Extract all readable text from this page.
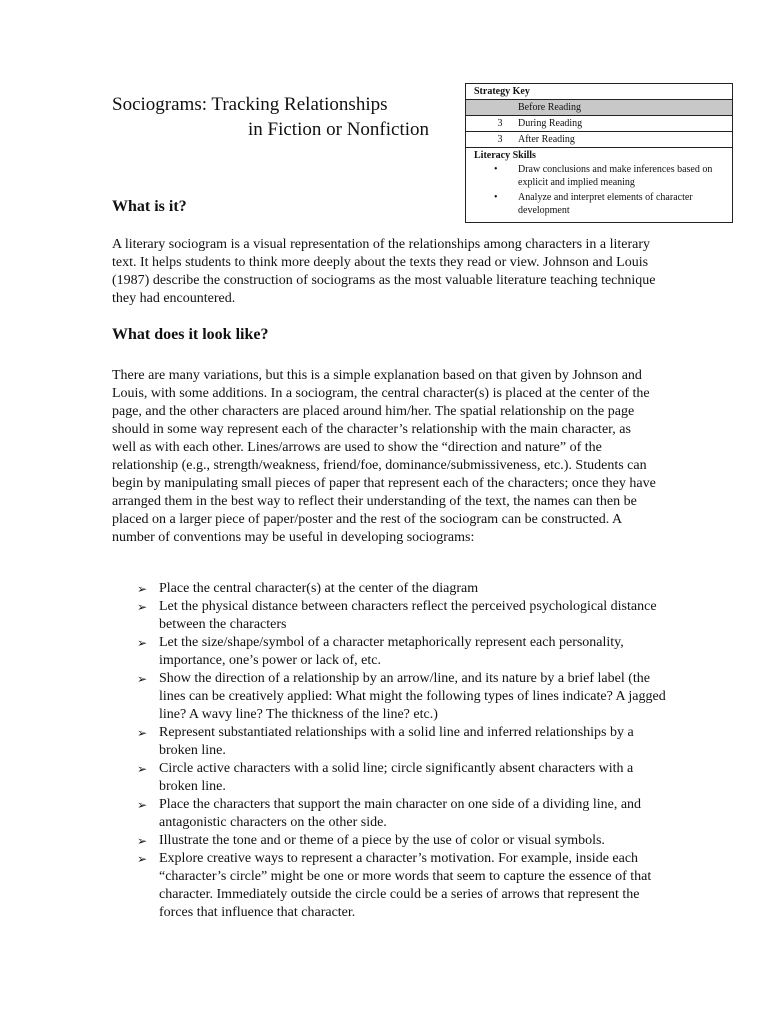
Sociograms: Tracking Relationships
in Fiction or Nonfiction
Strategy Key
Before Reading
3	During Reading
3	After Reading
Literacy Skills
• Draw conclusions and make inferences based on explicit and implied meaning
• Analyze and interpret elements of character development
What is it?

A literary sociogram is a visual representation of the relationships among characters in a literary text. It helps students to think more deeply about the texts they read or view. Johnson and Louis (1987) describe the construction of sociograms as the most valuable literature teaching technique they had encountered.

What does it look like?

There are many variations, but this is a simple explanation based on that given by Johnson and Louis, with some additions. In a sociogram, the central character(s) is placed at the center of the page, and the other characters are placed around him/her. The spatial relationship on the page should in some way represent each of the character’s relationship with the main character, as well as with each other. Lines/arrows are used to show the “direction and nature” of the relationship (e.g., strength/weakness, friend/foe, dominance/submissiveness, etc.). Students can begin by manipulating small pieces of paper that represent each of the characters; once they have arranged them in the best way to reflect their understanding of the text, the names can then be placed on a larger piece of paper/poster and the rest of the sociogram can be constructed. A number of conventions may be useful in developing sociograms:

➢ Place the central character(s) at the center of the diagram
➢ Let the physical distance between characters reflect the perceived psychological distance between the characters
➢ Let the size/shape/symbol of a character metaphorically represent each personality, importance, one’s power or lack of, etc.
➢ Show the direction of a relationship by an arrow/line, and its nature by a brief label (the lines can be creatively applied: What might the following types of lines indicate? A jagged line? A wavy line? The thickness of the line? etc.)
➢ Represent substantiated relationships with a solid line and inferred relationships by a broken line.
➢ Circle active characters with a solid line; circle significantly absent characters with a broken line.
➢ Place the characters that support the main character on one side of a dividing line, and antagonistic characters on the other side.
➢ Illustrate the tone and or theme of a piece by the use of color or visual symbols.
➢ Explore creative ways to represent a character’s motivation. For example, inside each “character’s circle” might be one or more words that seem to capture the essence of that character. Immediately outside the circle could be a series of arrows that represent the forces that influence that character.
